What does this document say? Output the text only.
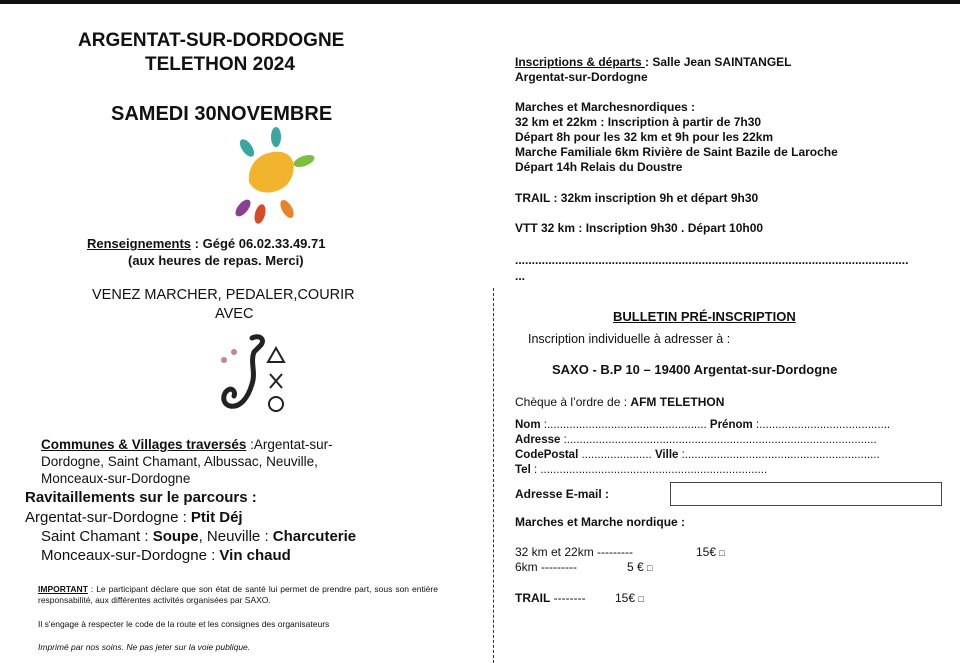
ARGENTAT-SUR-DORDOGNE
TELETHON 2024
SAMEDI 30NOVEMBRE
Renseignements : Gégé 06.02.33.49.71
(aux heures de repas. Merci)
VENEZ MARCHER, PEDALER,COURIR
AVEC
Communes & Villages traversés :Argentat-sur-
Dordogne, Saint Chamant, Albussac, Neuville,
Monceaux-sur-Dordogne
Ravitaillements sur le parcours :
Argentat-sur-Dordogne : Ptit Déj
Saint Chamant : Soupe, Neuville : Charcuterie
Monceaux-sur-Dordogne : Vin chaud
IMPORTANT : Le participant déclare que son état de santé lui permet de prendre part, sous son entière responsabilité, aux différentes activités organisées par SAXO.
Il s'engage à respecter le code de la route et les consignes des organisateurs
Imprimé par nos soins. Ne pas jeter sur la voie publique.
Inscriptions & départs : Salle Jean SAINTANGEL
Argentat-sur-Dordogne
Marches et Marchesnordiques :
32 km et 22km : Inscription à partir de 7h30
Départ 8h pour les 32 km et 9h pour les 22km
Marche Familiale 6km Rivière de Saint Bazile de Laroche
Départ 14h Relais du Doustre
TRAIL : 32km inscription 9h et départ 9h30
VTT 32 km : Inscription 9h30 . Départ 10h00
......................................................................................................................
...
BULLETIN PRÉ-INSCRIPTION
Inscription individuelle à adresser à :
SAXO - B.P 10 – 19400 Argentat-sur-Dordogne
Chèque à l’ordre de : AFM TELETHON
Nom :.................................................. Prénom :.........................................
Adresse :.................................................................................................
CodePostal ...................... Ville :.............................................................
Tel : .......................................................................
Adresse E-mail :
Marches et Marche nordique :
32 km et 22km ---------	15€ □
6km ---------	5 € □
TRAIL -------- 15€ □
